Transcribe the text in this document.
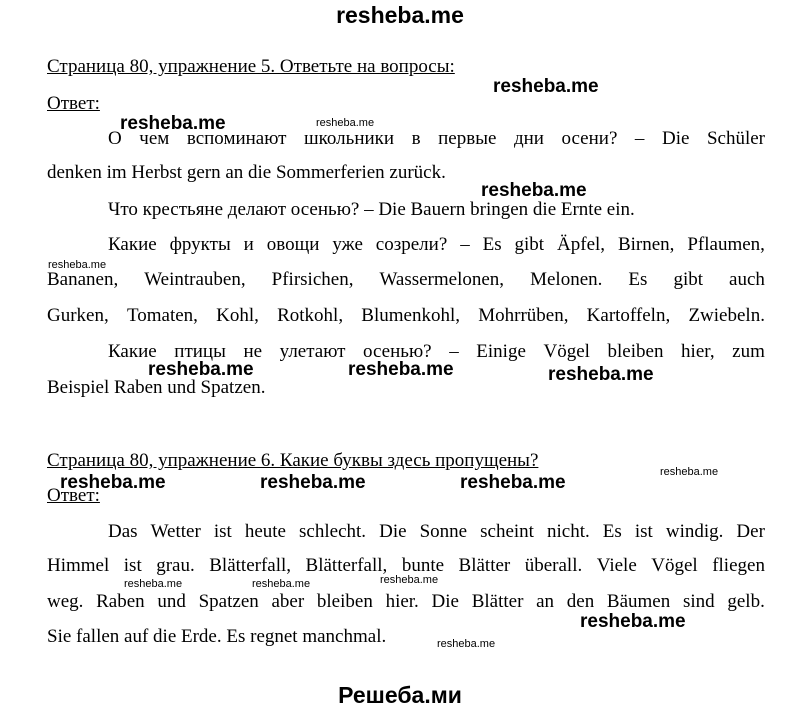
resheba.me
Страница 80, упражнение 5. Ответьте на вопросы:
Ответ:
О чем вспоминают школьники в первые дни осени? – Die Schüler
denken im Herbst gern an die Sommerferien zurück.
Что крестьяне делают осенью? – Die Bauern bringen die Ernte ein.
Какие фрукты и овощи уже созрели? – Es gibt Äpfel, Birnen, Pflaumen,
Bananen, Weintrauben, Pfirsichen, Wassermelonen, Melonen. Es gibt auch
Gurken, Tomaten, Kohl, Rotkohl, Blumenkohl, Mohrrüben, Kartoffeln, Zwiebeln.
Какие птицы не улетают осенью? – Einige Vögel bleiben hier, zum
Beispiel Raben und Spatzen.
Страница 80, упражнение 6. Какие буквы здесь пропущены?
Ответ:
Das Wetter ist heute schlecht. Die Sonne scheint nicht. Es ist windig. Der
Himmel ist grau. Blätterfall, Blätterfall, bunte Blätter überall. Viele Vögel fliegen
weg. Raben und Spatzen aber bleiben hier. Die Blätter an den Bäumen sind gelb.
Sie fallen auf die Erde. Es regnet manchmal.
resheba.me
resheba.me	resheba.me
resheba.me
resheba.me
resheba.me	resheba.me	resheba.me
resheba.me
resheba.me	resheba.me	resheba.me
resheba.me	resheba.me	resheba.me
resheba.me
resheba.me
Решеба.ми
